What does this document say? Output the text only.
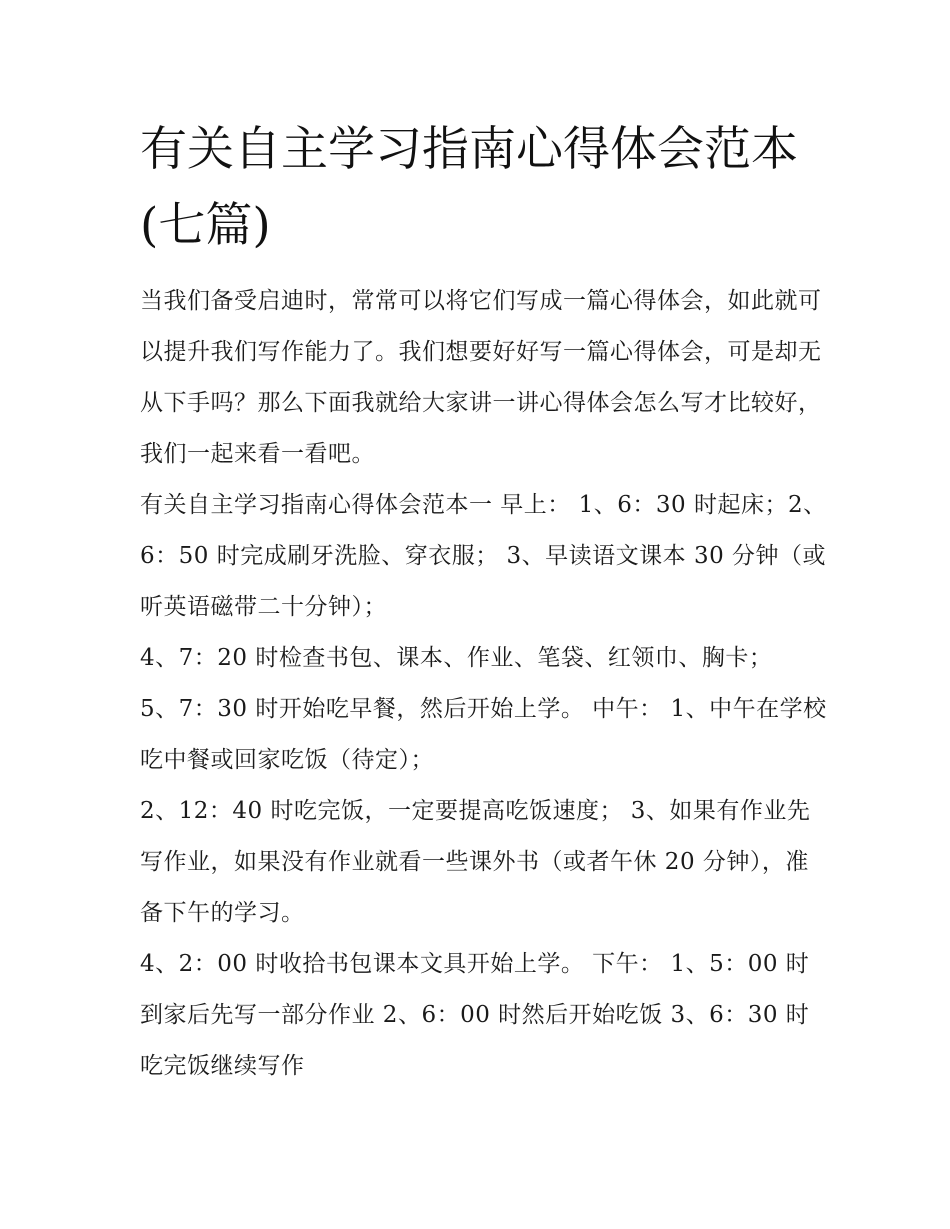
有关自主学习指南心得体会范本(七篇)

当我们备受启迪时，常常可以将它们写成一篇心得体会，如此就可以提升我们写作能力了。我们想要好好写一篇心得体会，可是却无从下手吗？那么下面我就给大家讲一讲心得体会怎么写才比较好，我们一起来看一看吧。

有关自主学习指南心得体会范本一 早上： 1、6：30 时起床；2、6：50 时完成刷牙洗脸、穿衣服； 3、早读语文课本 30 分钟（或听英语磁带二十分钟）；

4、7：20 时检查书包、课本、作业、笔袋、红领巾、胸卡；

5、7：30 时开始吃早餐，然后开始上学。 中午： 1、中午在学校吃中餐或回家吃饭（待定）；

2、12：40 时吃完饭，一定要提高吃饭速度； 3、如果有作业先写作业，如果没有作业就看一些课外书（或者午休 20 分钟），准备下午的学习。

4、2：00 时收拾书包课本文具开始上学。 下午： 1、5：00 时到家后先写一部分作业 2、6：00 时然后开始吃饭 3、6：30 时吃完饭继续写作
